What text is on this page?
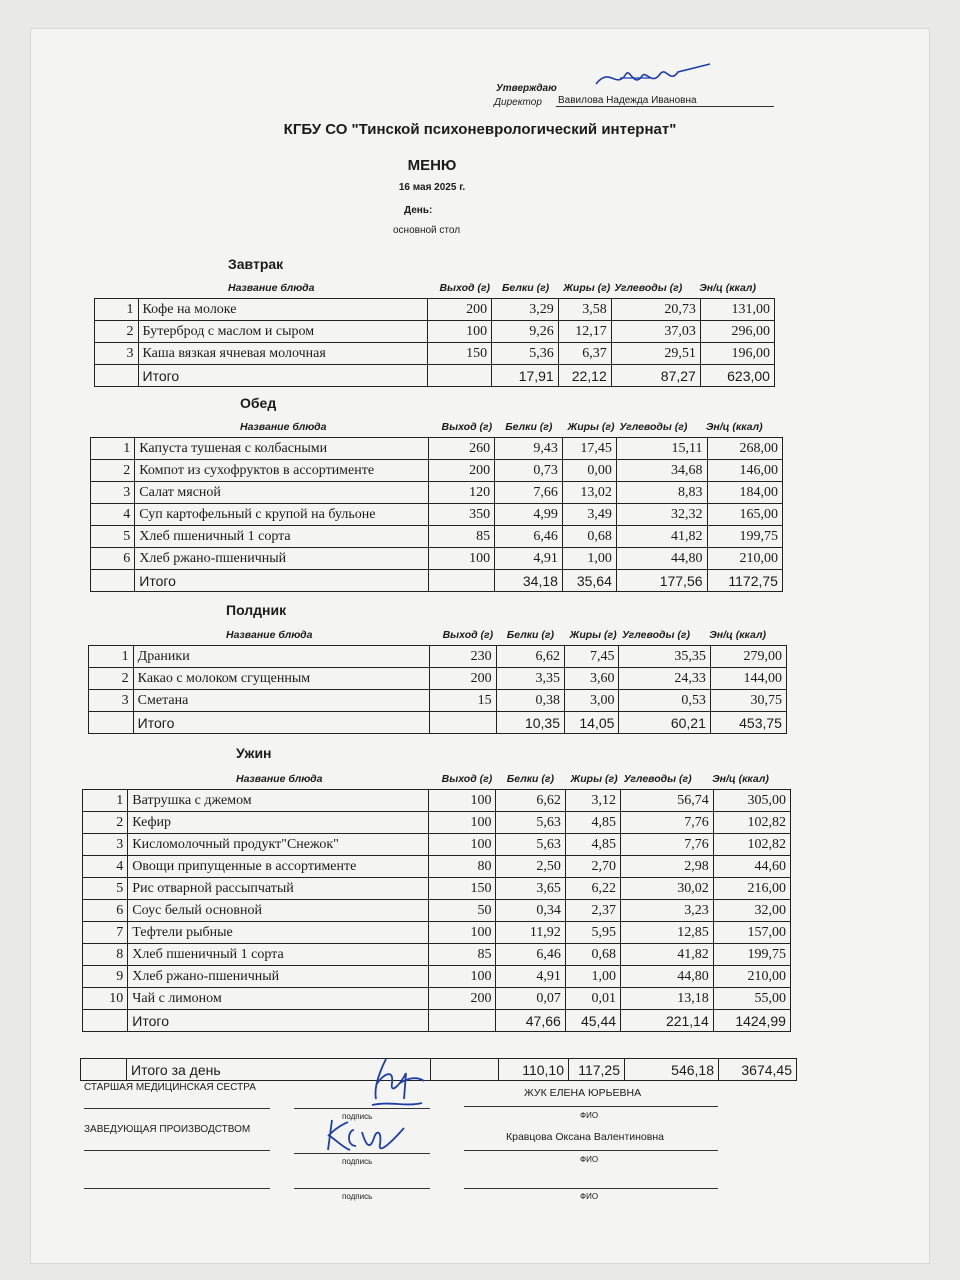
Утверждаю
Директор Вавилова Надежда Ивановна
КГБУ СО "Тинской психоневрологический интернат"
МЕНЮ
16 мая 2025 г.
День:
основной стол
Завтрак
Название блюда	Выход (г) Белки (г) Жиры (г) Углеводы (г) Эн/ц (ккал)
1	Кофе на молоке	200	3,29	3,58	20,73	131,00
2	Бутерброд с маслом и сыром	100	9,26	12,17	37,03	296,00
3	Каша вязкая ячневая молочная	150	5,36	6,37	29,51	196,00
	Итого		17,91	22,12	87,27	623,00
Обед
Название блюда	Выход (г) Белки (г) Жиры (г) Углеводы (г) Эн/ц (ккал)
1	Капуста тушеная с колбасными	260	9,43	17,45	15,11	268,00
2	Компот из сухофруктов в ассортименте	200	0,73	0,00	34,68	146,00
3	Салат мясной	120	7,66	13,02	8,83	184,00
4	Суп картофельный с крупой на бульоне	350	4,99	3,49	32,32	165,00
5	Хлеб пшеничный 1 сорта	85	6,46	0,68	41,82	199,75
6	Хлеб ржано-пшеничный	100	4,91	1,00	44,80	210,00
	Итого		34,18	35,64	177,56	1172,75
Полдник
Название блюда	Выход (г) Белки (г) Жиры (г) Углеводы (г) Эн/ц (ккал)
1	Драники	230	6,62	7,45	35,35	279,00
2	Какао с молоком сгущенным	200	3,35	3,60	24,33	144,00
3	Сметана	15	0,38	3,00	0,53	30,75
	Итого		10,35	14,05	60,21	453,75
Ужин
Название блюда	Выход (г) Белки (г) Жиры (г) Углеводы (г) Эн/ц (ккал)
1	Ватрушка с джемом	100	6,62	3,12	56,74	305,00
2	Кефир	100	5,63	4,85	7,76	102,82
3	Кисломолочный продукт"Снежок"	100	5,63	4,85	7,76	102,82
4	Овощи припущенные в ассортименте	80	2,50	2,70	2,98	44,60
5	Рис отварной рассыпчатый	150	3,65	6,22	30,02	216,00
6	Соус белый основной	50	0,34	2,37	3,23	32,00
7	Тефтели рыбные	100	11,92	5,95	12,85	157,00
8	Хлеб пшеничный 1 сорта	85	6,46	0,68	41,82	199,75
9	Хлеб ржано-пшеничный	100	4,91	1,00	44,80	210,00
10	Чай с лимоном	200	0,07	0,01	13,18	55,00
	Итого		47,66	45,44	221,14	1424,99
	Итого за день		110,10	117,25	546,18	3674,45
СТАРШАЯ МЕДИЦИНСКАЯ СЕСТРА
подпись
ЖУК ЕЛЕНА ЮРЬЕВНА
ФИО
ЗАВЕДУЮЩАЯ ПРОИЗВОДСТВОМ
подпись
Кравцова Оксана Валентиновна
ФИО
подпись	ФИО
